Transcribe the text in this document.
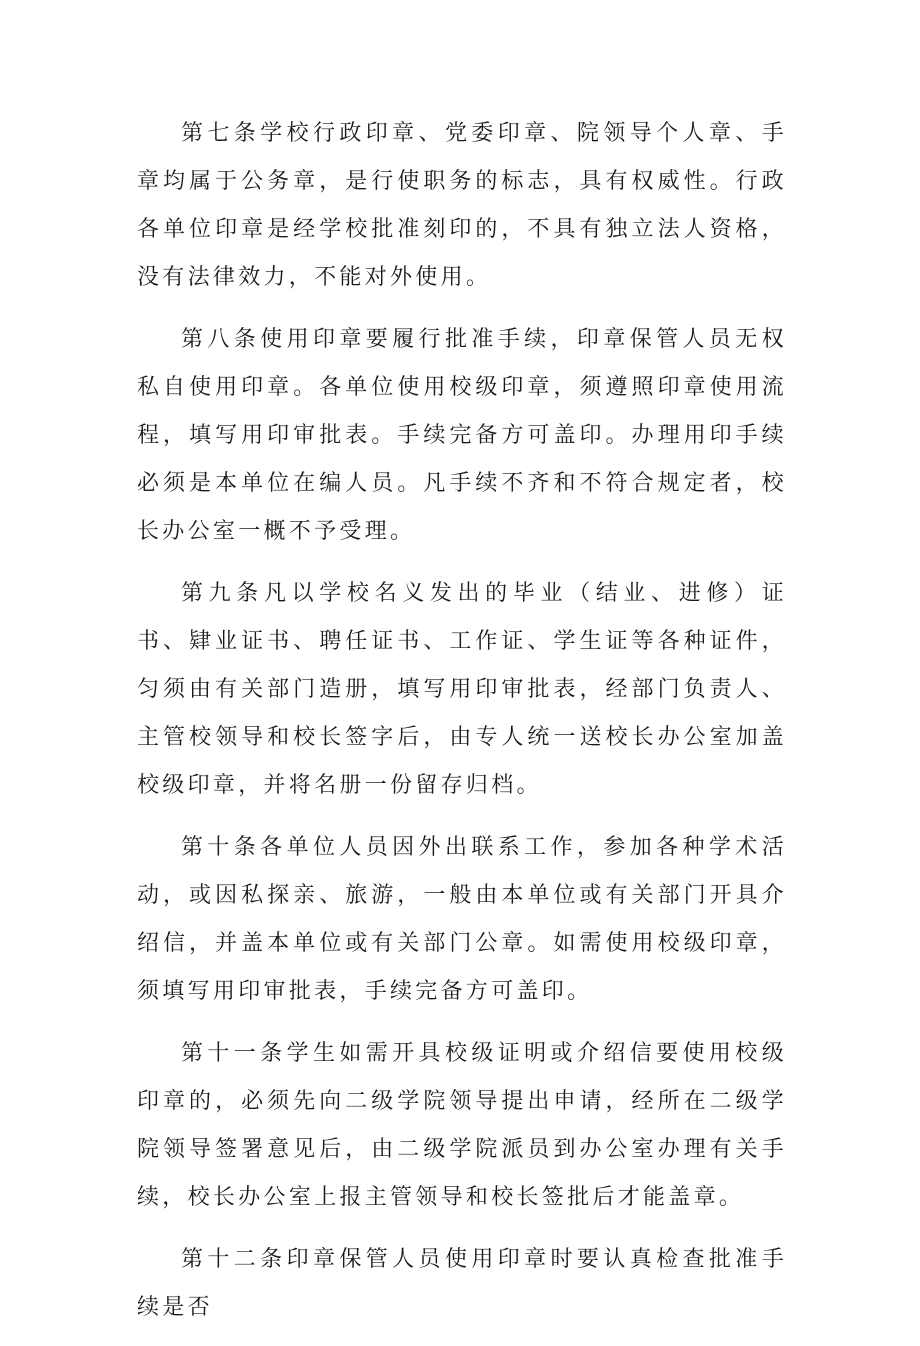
第七条学校行政印章、党委印章、院领导个人章、手章均属于公务章，是行使职务的标志，具有权威性。行政各单位印章是经学校批准刻印的，不具有独立法人资格，没有法律效力，不能对外使用。

第八条使用印章要履行批准手续，印章保管人员无权私自使用印章。各单位使用校级印章，须遵照印章使用流程，填写用印审批表。手续完备方可盖印。办理用印手续必须是本单位在编人员。凡手续不齐和不符合规定者，校长办公室一概不予受理。

第九条凡以学校名义发出的毕业（结业、进修）证书、肄业证书、聘任证书、工作证、学生证等各种证件，匀须由有关部门造册，填写用印审批表，经部门负责人、主管校领导和校长签字后，由专人统一送校长办公室加盖校级印章，并将名册一份留存归档。

第十条各单位人员因外出联系工作，参加各种学术活动，或因私探亲、旅游，一般由本单位或有关部门开具介绍信，并盖本单位或有关部门公章。如需使用校级印章，须填写用印审批表，手续完备方可盖印。

第十一条学生如需开具校级证明或介绍信要使用校级印章的，必须先向二级学院领导提出申请，经所在二级学院领导签署意见后，由二级学院派员到办公室办理有关手续，校长办公室上报主管领导和校长签批后才能盖章。

第十二条印章保管人员使用印章时要认真检查批准手续是否
